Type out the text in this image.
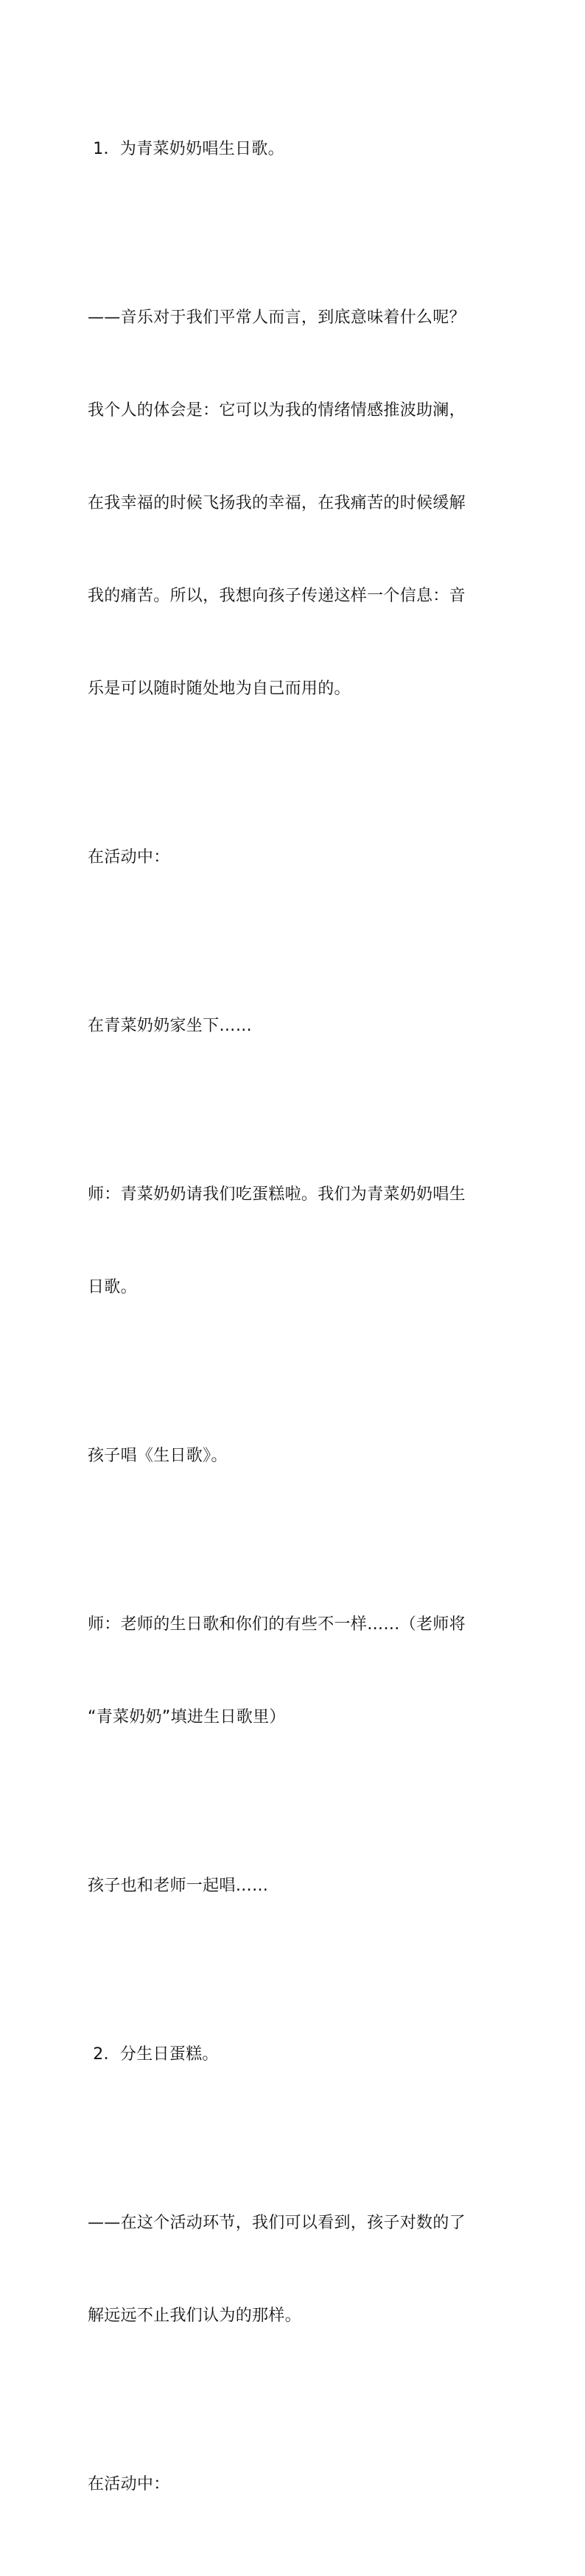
1．为青菜奶奶唱生日歌。

——音乐对于我们平常人而言，到底意味着什么呢？

我个人的体会是：它可以为我的情绪情感推波助澜，

在我幸福的时候飞扬我的幸福，在我痛苦的时候缓解

我的痛苦。所以，我想向孩子传递这样一个信息：音

乐是可以随时随处地为自己而用的。

在活动中：

在青菜奶奶家坐下……

师：青菜奶奶请我们吃蛋糕啦。我们为青菜奶奶唱生

日歌。

孩子唱《生日歌》。

师：老师的生日歌和你们的有些不一样……（老师将

“青菜奶奶”填进生日歌里）

孩子也和老师一起唱……

2．分生日蛋糕。

——在这个活动环节，我们可以看到，孩子对数的了

解远远不止我们认为的那样。

在活动中：
